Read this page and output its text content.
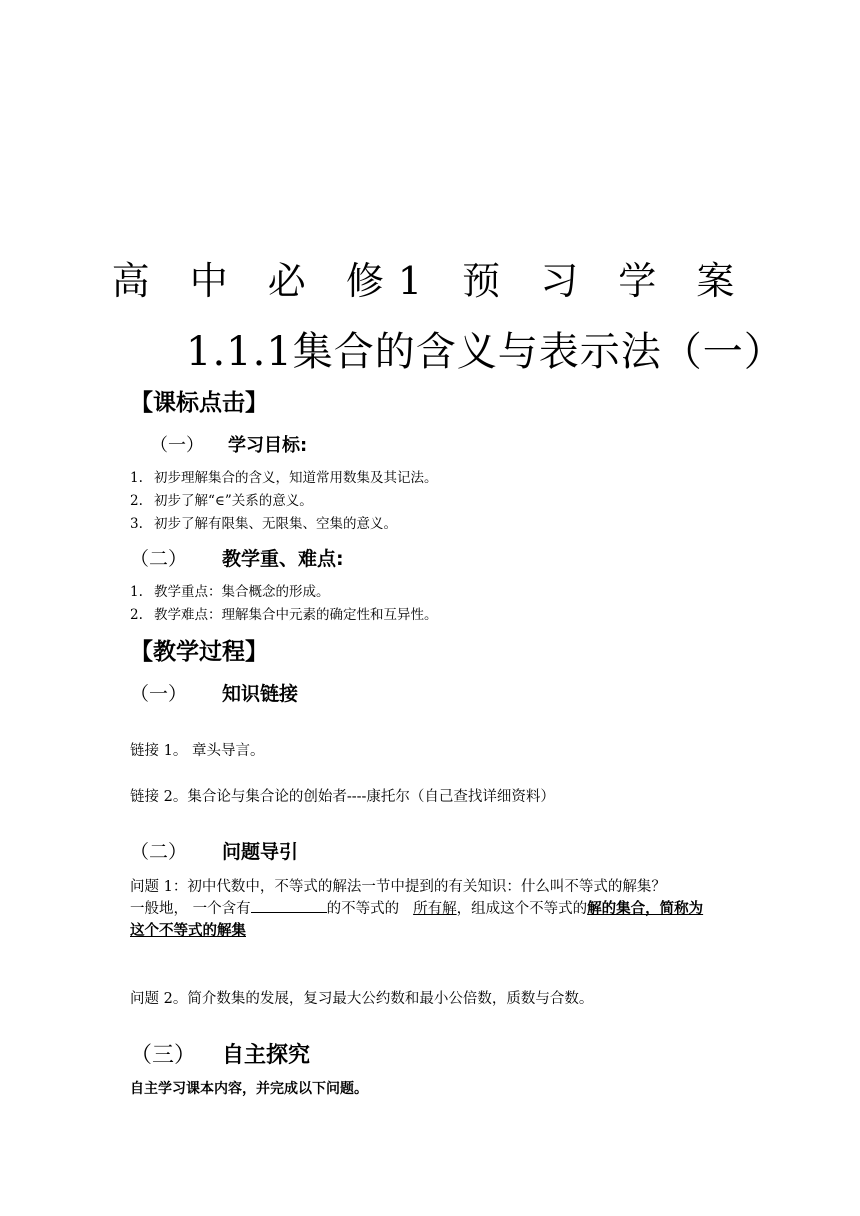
高 中 必 修1 预 习 学 案
1.1.1集合的含义与表示法（一）
【课标点击】
（一） 学习目标:
1. 初步理解集合的含义，知道常用数集及其记法。
2. 初步了解“∈”关系的意义。
3. 初步了解有限集、无限集、空集的意义。
（二） 教学重、难点:
1. 教学重点：集合概念的形成。
2. 教学难点：理解集合中元素的确定性和互异性。
【教学过程】
（一） 知识链接
链接 1。 章头导言。
链接 2。集合论与集合论的创始者----康托尔（自己查找详细资料）
（二） 问题导引
问题 1：初中代数中，不等式的解法一节中提到的有关知识：什么叫不等式的解集？
一般地， 一个含有	的不等式的 所有解，组成这个不等式的解的集合，简称为
这个不等式的解集
问题 2。简介数集的发展，复习最大公约数和最小公倍数，质数与合数。
（三） 自主探究
自主学习课本内容，并完成以下问题。
